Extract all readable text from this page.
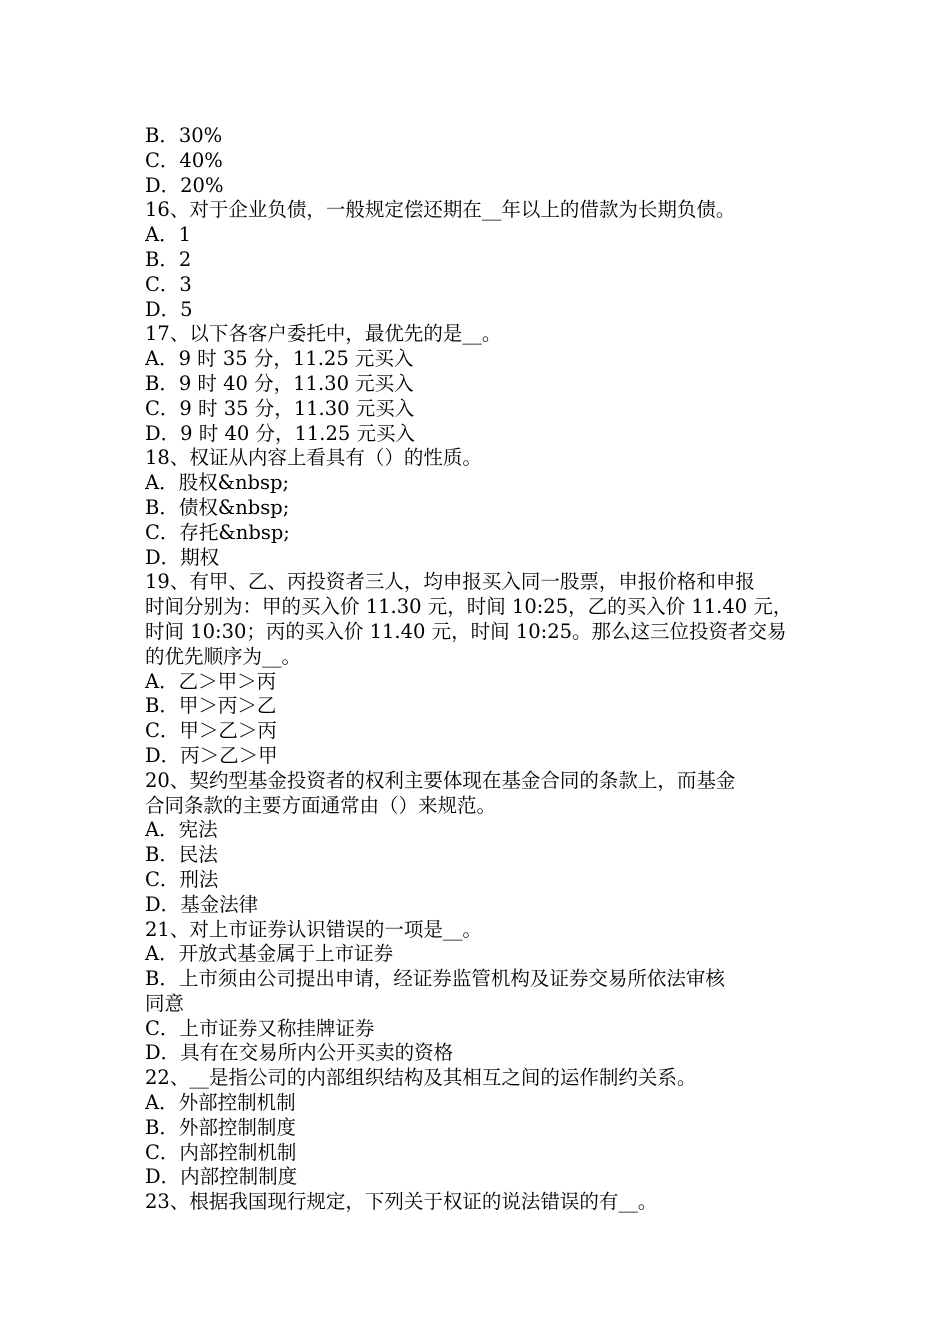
B．30%
C．40%
D．20%
16、对于企业负债，一般规定偿还期在__年以上的借款为长期负债。
A．1
B．2
C．3
D．5
17、以下各客户委托中，最优先的是__。
A．9 时 35 分，11.25 元买入
B．9 时 40 分，11.30 元买入
C．9 时 35 分，11.30 元买入
D．9 时 40 分，11.25 元买入
18、权证从内容上看具有（）的性质。
A．股权&nbsp;
B．债权&nbsp;
C．存托&nbsp;
D．期权
19、有甲、乙、丙投资者三人，均申报买入同一股票，申报价格和申报
时间分别为：甲的买入价 11.30 元，时间 10:25，乙的买入价 11.40 元，
时间 10:30；丙的买入价 11.40 元，时间 10:25。那么这三位投资者交易
的优先顺序为__。
A．乙＞甲＞丙
B．甲＞丙＞乙
C．甲＞乙＞丙
D．丙＞乙＞甲
20、契约型基金投资者的权利主要体现在基金合同的条款上，而基金
合同条款的主要方面通常由（）来规范。
A．宪法
B．民法
C．刑法
D．基金法律
21、对上市证券认识错误的一项是__。
A．开放式基金属于上市证券
B．上市须由公司提出申请，经证券监管机构及证券交易所依法审核
同意
C．上市证券又称挂牌证券
D．具有在交易所内公开买卖的资格
22、__是指公司的内部组织结构及其相互之间的运作制约关系。
A．外部控制机制
B．外部控制制度
C．内部控制机制
D．内部控制制度
23、根据我国现行规定，下列关于权证的说法错误的有__。
